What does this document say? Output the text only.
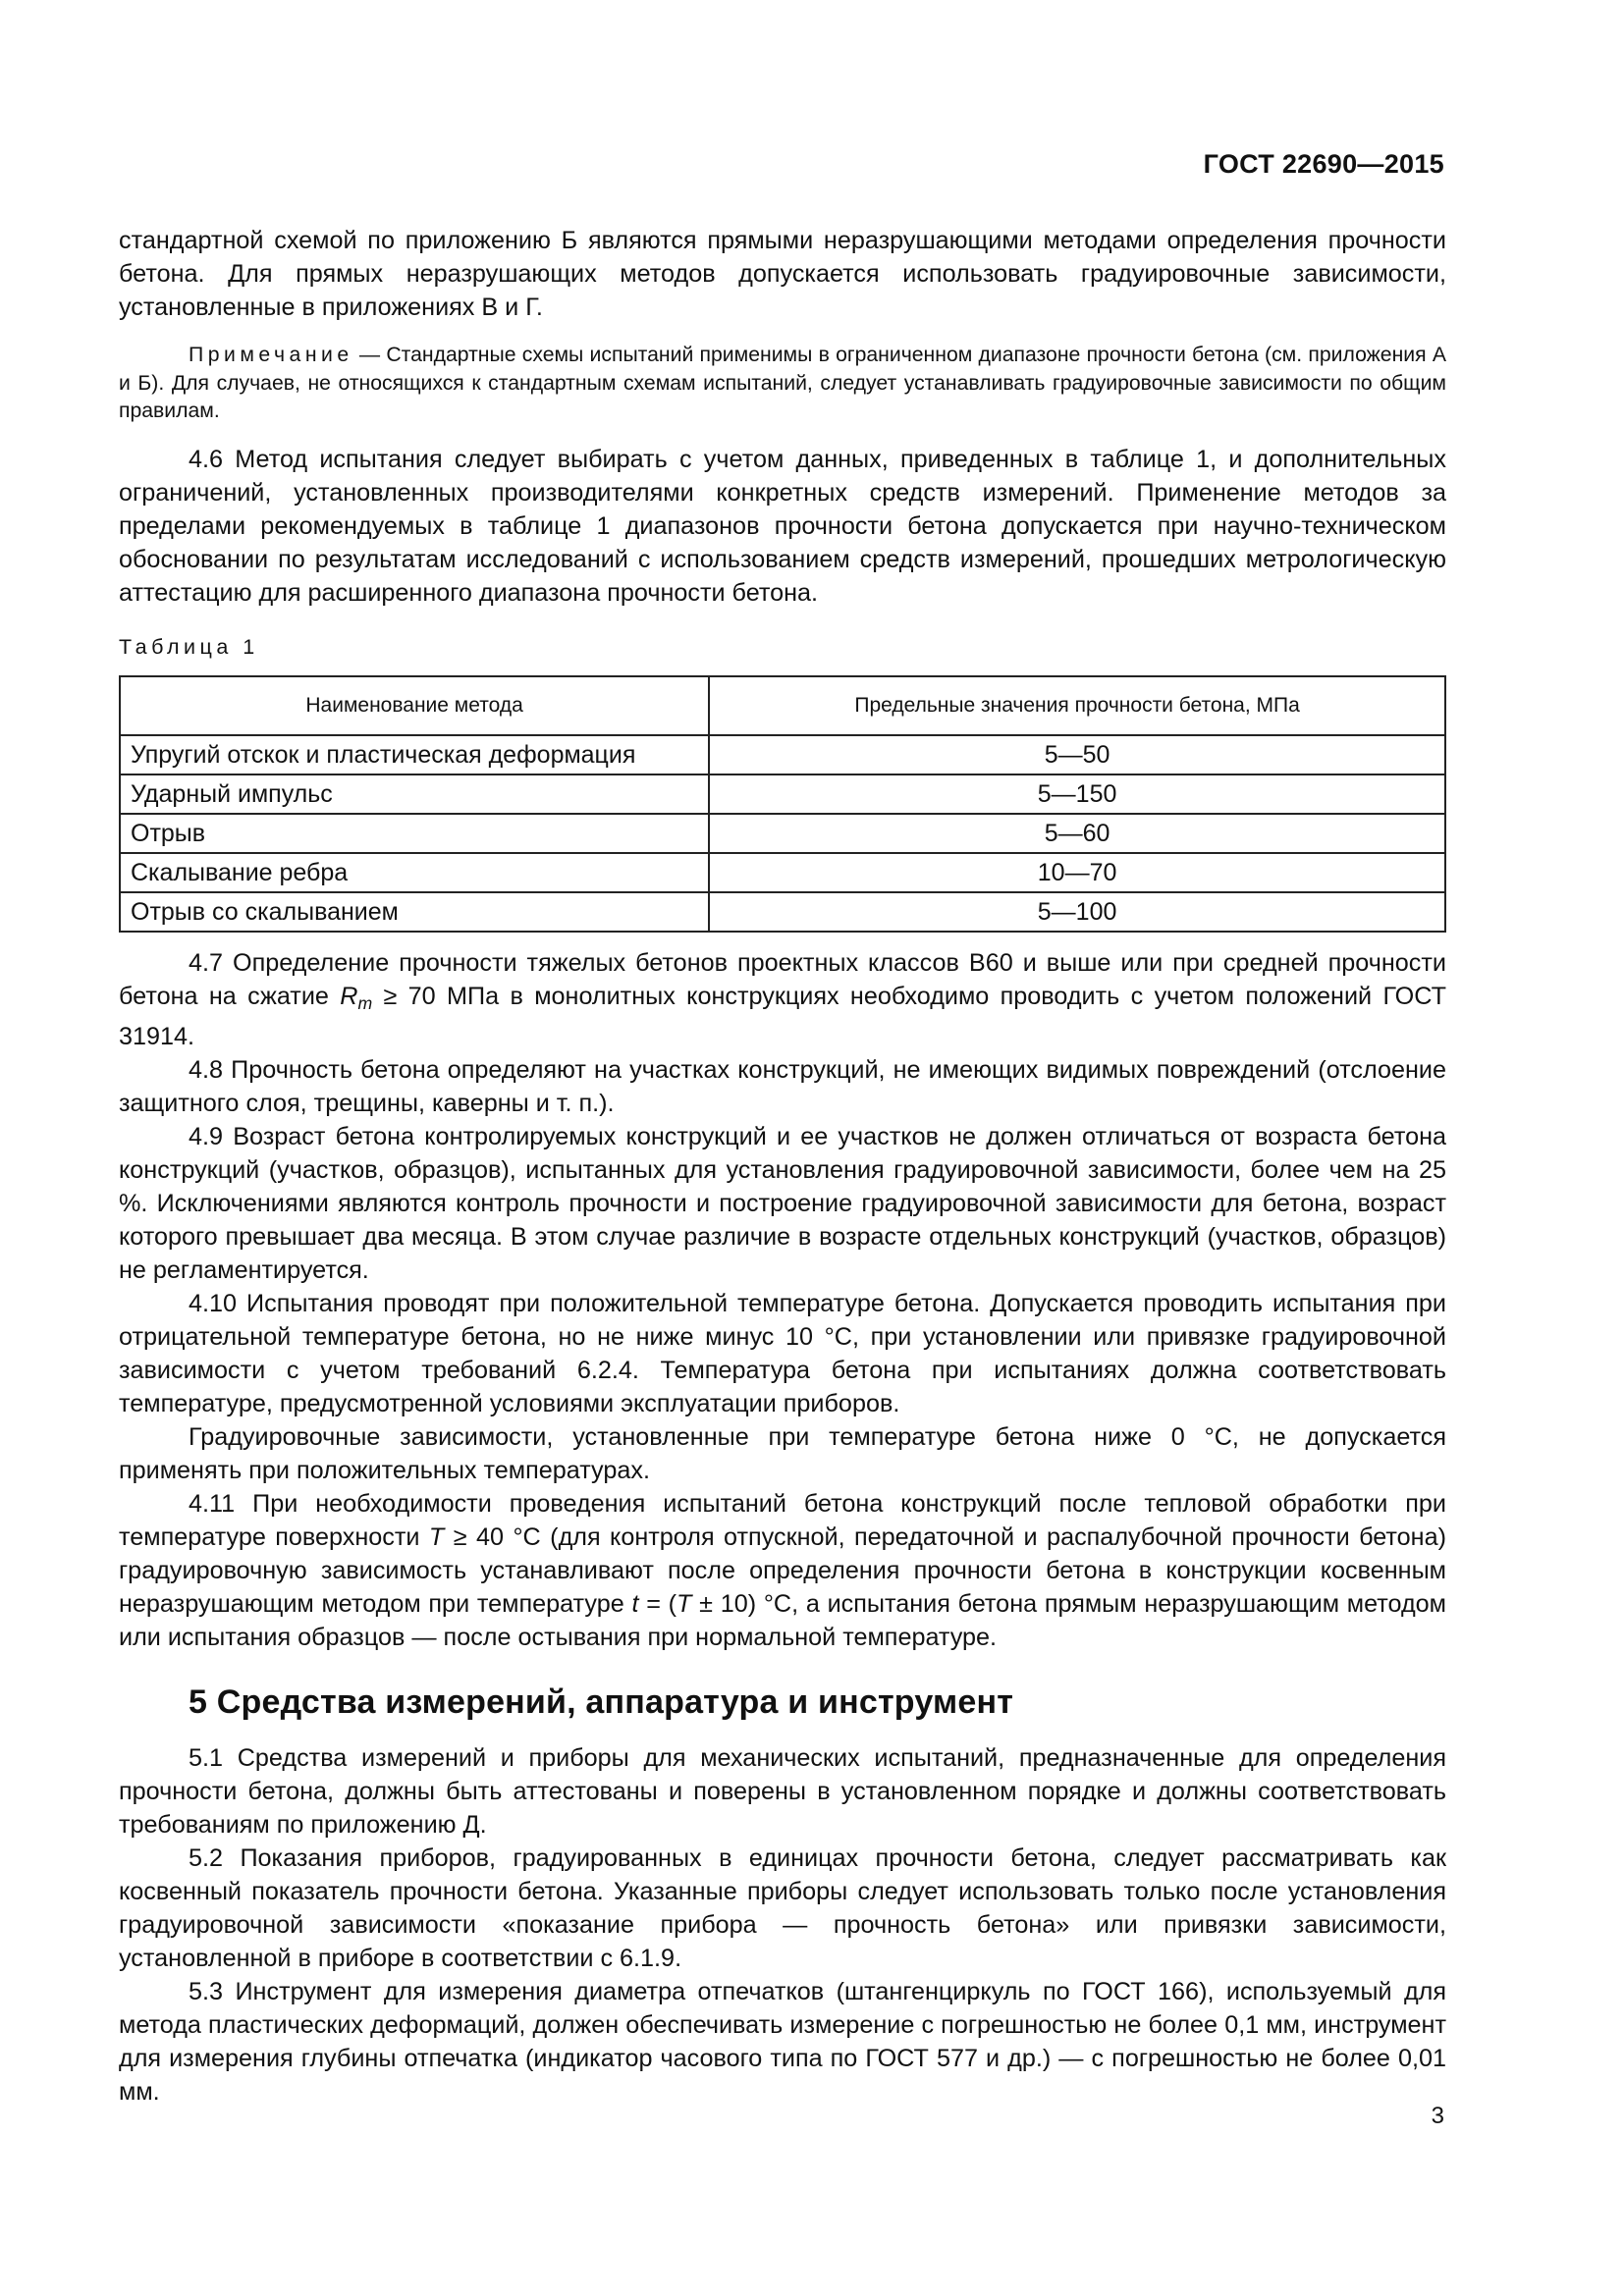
ГОСТ 22690—2015

стандартной схемой по приложению Б являются прямыми неразрушающими методами определения прочности бетона. Для прямых неразрушающих методов допускается использовать градуировочные зависимости, установленные в приложениях В и Г.

Примечание — Стандартные схемы испытаний применимы в ограниченном диапазоне прочности бетона (см. приложения А и Б). Для случаев, не относящихся к стандартным схемам испытаний, следует устанавливать градуировочные зависимости по общим правилам.

4.6 Метод испытания следует выбирать с учетом данных, приведенных в таблице 1, и дополнительных ограничений, установленных производителями конкретных средств измерений. Применение методов за пределами рекомендуемых в таблице 1 диапазонов прочности бетона допускается при научно-техническом обосновании по результатам исследований с использованием средств измерений, прошедших метрологическую аттестацию для расширенного диапазона прочности бетона.

Таблица 1
Наименование метода	Предельные значения прочности бетона, МПа
Упругий отскок и пластическая деформация	5—50
Ударный импульс	5—150
Отрыв	5—60
Скалывание ребра	10—70
Отрыв со скалыванием	5—100

4.7 Определение прочности тяжелых бетонов проектных классов В60 и выше или при средней прочности бетона на сжатие $R_m \ge 70$ МПа в монолитных конструкциях необходимо проводить с учетом положений ГОСТ 31914.

4.8 Прочность бетона определяют на участках конструкций, не имеющих видимых повреждений (отслоение защитного слоя, трещины, каверны и т. п.).

4.9 Возраст бетона контролируемых конструкций и ее участков не должен отличаться от возраста бетона конструкций (участков, образцов), испытанных для установления градуировочной зависимости, более чем на 25 %. Исключениями являются контроль прочности и построение градуировочной зависимости для бетона, возраст которого превышает два месяца. В этом случае различие в возрасте отдельных конструкций (участков, образцов) не регламентируется.

4.10 Испытания проводят при положительной температуре бетона. Допускается проводить испытания при отрицательной температуре бетона, но не ниже минус 10 °С, при установлении или привязке градуировочной зависимости с учетом требований 6.2.4. Температура бетона при испытаниях должна соответствовать температуре, предусмотренной условиями эксплуатации приборов.

Градуировочные зависимости, установленные при температуре бетона ниже 0 °С, не допускается применять при положительных температурах.

4.11 При необходимости проведения испытаний бетона конструкций после тепловой обработки при температуре поверхности T ≥ 40 °С (для контроля отпускной, передаточной и распалубочной прочности бетона) градуировочную зависимость устанавливают после определения прочности бетона в конструкции косвенным неразрушающим методом при температуре t = (T ± 10) °С, а испытания бетона прямым неразрушающим методом или испытания образцов — после остывания при нормальной температуре.

5 Средства измерений, аппаратура и инструмент

5.1 Средства измерений и приборы для механических испытаний, предназначенные для определения прочности бетона, должны быть аттестованы и поверены в установленном порядке и должны соответствовать требованиям по приложению Д.

5.2 Показания приборов, градуированных в единицах прочности бетона, следует рассматривать как косвенный показатель прочности бетона. Указанные приборы следует использовать только после установления градуировочной зависимости «показание прибора — прочность бетона» или привязки зависимости, установленной в приборе в соответствии с 6.1.9.

5.3 Инструмент для измерения диаметра отпечатков (штангенциркуль по ГОСТ 166), используемый для метода пластических деформаций, должен обеспечивать измерение с погрешностью не более 0,1 мм, инструмент для измерения глубины отпечатка (индикатор часового типа по ГОСТ 577 и др.) — с погрешностью не более 0,01 мм.

3
